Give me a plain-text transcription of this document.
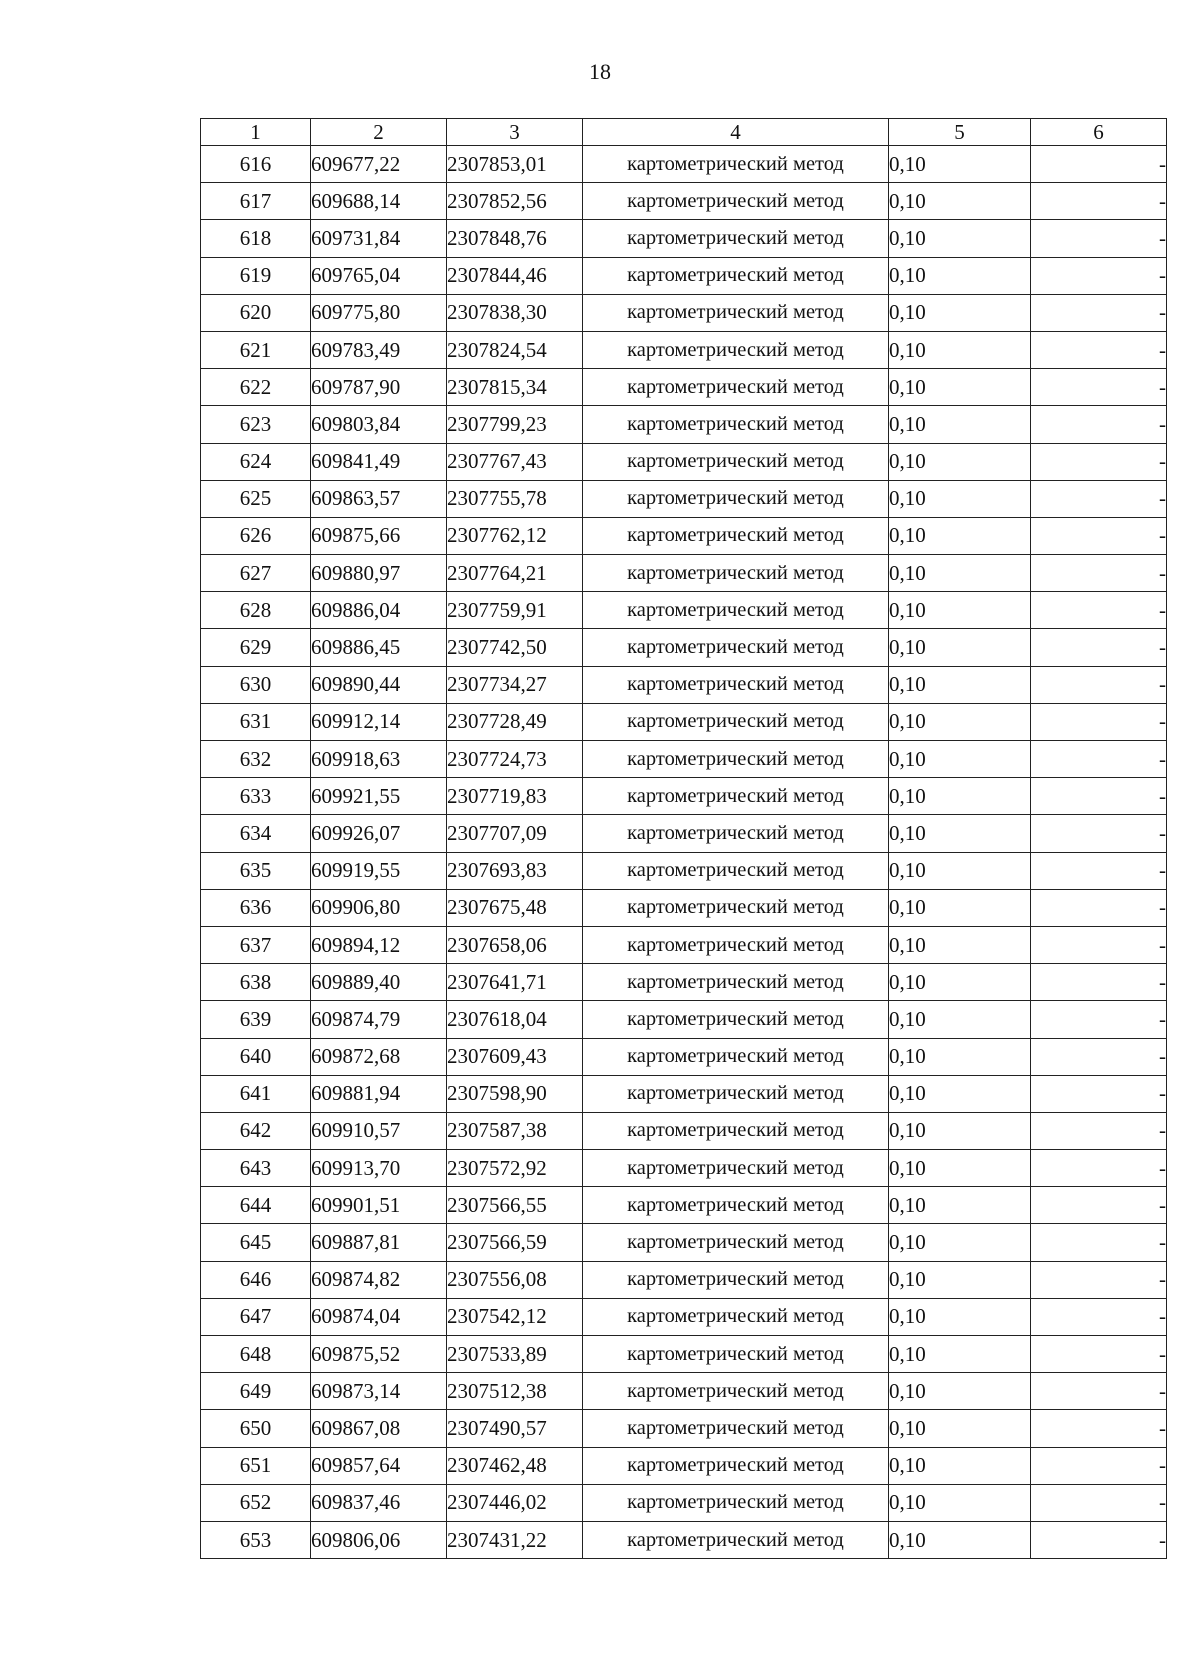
18
1	2	3	4	5	6
616	609677,22	2307853,01	картометрический метод	0,10	-
617	609688,14	2307852,56	картометрический метод	0,10	-
618	609731,84	2307848,76	картометрический метод	0,10	-
619	609765,04	2307844,46	картометрический метод	0,10	-
620	609775,80	2307838,30	картометрический метод	0,10	-
621	609783,49	2307824,54	картометрический метод	0,10	-
622	609787,90	2307815,34	картометрический метод	0,10	-
623	609803,84	2307799,23	картометрический метод	0,10	-
624	609841,49	2307767,43	картометрический метод	0,10	-
625	609863,57	2307755,78	картометрический метод	0,10	-
626	609875,66	2307762,12	картометрический метод	0,10	-
627	609880,97	2307764,21	картометрический метод	0,10	-
628	609886,04	2307759,91	картометрический метод	0,10	-
629	609886,45	2307742,50	картометрический метод	0,10	-
630	609890,44	2307734,27	картометрический метод	0,10	-
631	609912,14	2307728,49	картометрический метод	0,10	-
632	609918,63	2307724,73	картометрический метод	0,10	-
633	609921,55	2307719,83	картометрический метод	0,10	-
634	609926,07	2307707,09	картометрический метод	0,10	-
635	609919,55	2307693,83	картометрический метод	0,10	-
636	609906,80	2307675,48	картометрический метод	0,10	-
637	609894,12	2307658,06	картометрический метод	0,10	-
638	609889,40	2307641,71	картометрический метод	0,10	-
639	609874,79	2307618,04	картометрический метод	0,10	-
640	609872,68	2307609,43	картометрический метод	0,10	-
641	609881,94	2307598,90	картометрический метод	0,10	-
642	609910,57	2307587,38	картометрический метод	0,10	-
643	609913,70	2307572,92	картометрический метод	0,10	-
644	609901,51	2307566,55	картометрический метод	0,10	-
645	609887,81	2307566,59	картометрический метод	0,10	-
646	609874,82	2307556,08	картометрический метод	0,10	-
647	609874,04	2307542,12	картометрический метод	0,10	-
648	609875,52	2307533,89	картометрический метод	0,10	-
649	609873,14	2307512,38	картометрический метод	0,10	-
650	609867,08	2307490,57	картометрический метод	0,10	-
651	609857,64	2307462,48	картометрический метод	0,10	-
652	609837,46	2307446,02	картометрический метод	0,10	-
653	609806,06	2307431,22	картометрический метод	0,10	-
